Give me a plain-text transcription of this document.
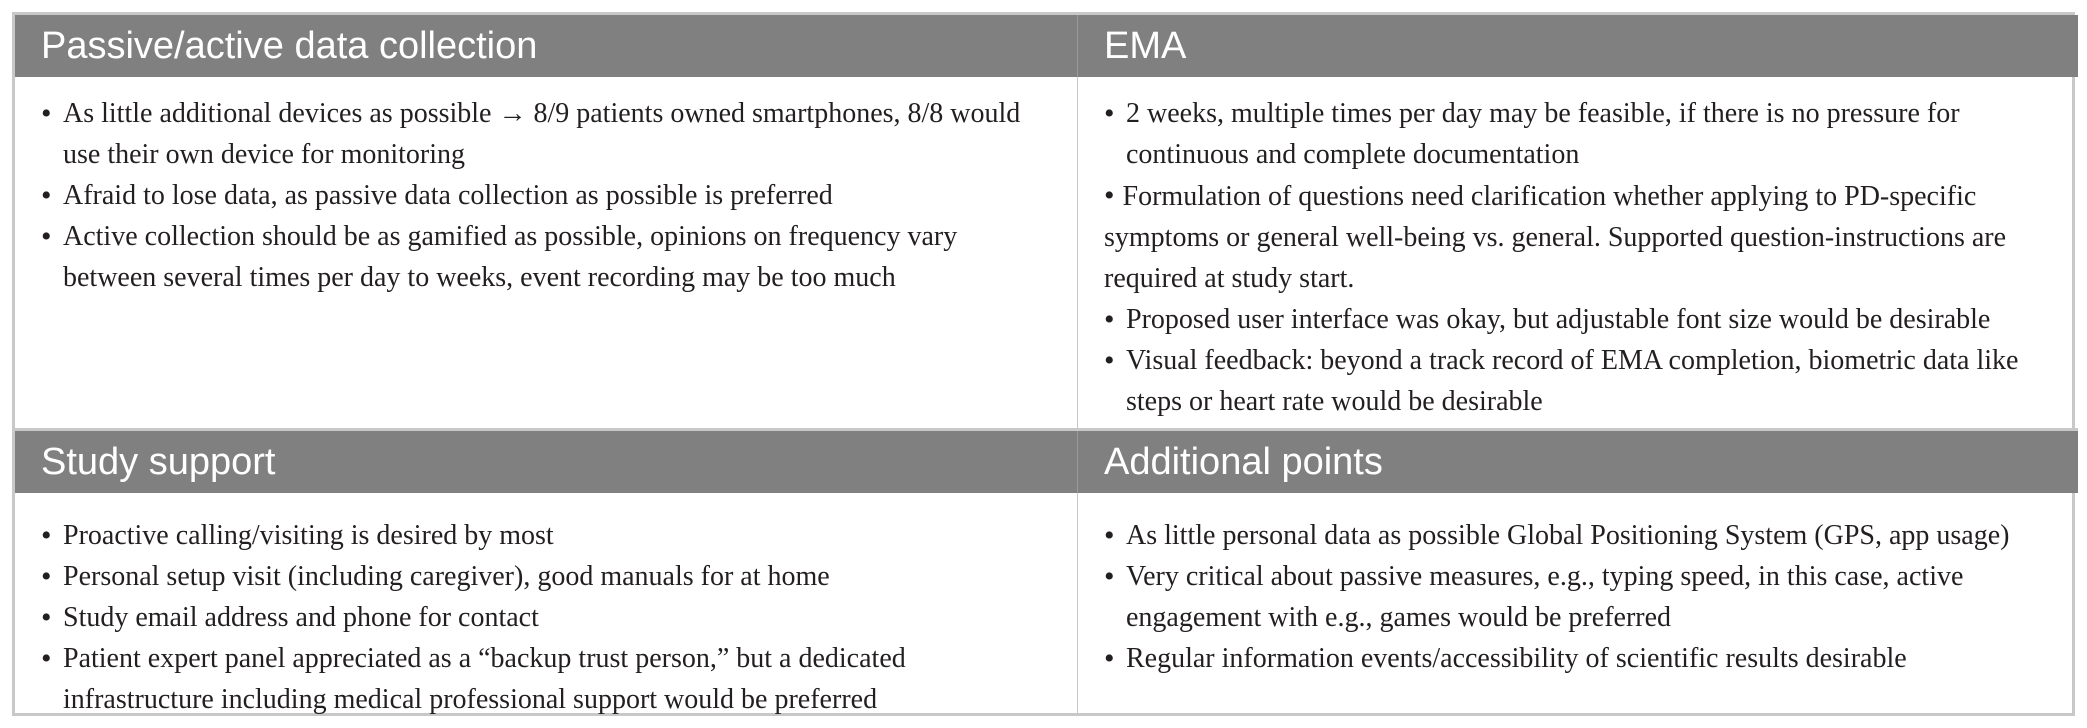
Passive/active data collection	EMA
• As little additional devices as possible → 8/9 patients owned smartphones, 8/8 would use their own device for monitoring
• Afraid to lose data, as passive data collection as possible is preferred
• Active collection should be as gamified as possible, opinions on frequency vary between several times per day to weeks, event recording may be too much
• 2 weeks, multiple times per day may be feasible, if there is no pressure for continuous and complete documentation
• Formulation of questions need clarification whether applying to PD-specific symptoms or general well-being vs. general. Supported question-instructions are required at study start.
• Proposed user interface was okay, but adjustable font size would be desirable
• Visual feedback: beyond a track record of EMA completion, biometric data like steps or heart rate would be desirable
Study support	Additional points
• Proactive calling/visiting is desired by most
• Personal setup visit (including caregiver), good manuals for at home
• Study email address and phone for contact
• Patient expert panel appreciated as a “backup trust person,” but a dedicated infrastructure including medical professional support would be preferred
• As little personal data as possible Global Positioning System (GPS, app usage)
• Very critical about passive measures, e.g., typing speed, in this case, active engagement with e.g., games would be preferred
• Regular information events/accessibility of scientific results desirable
